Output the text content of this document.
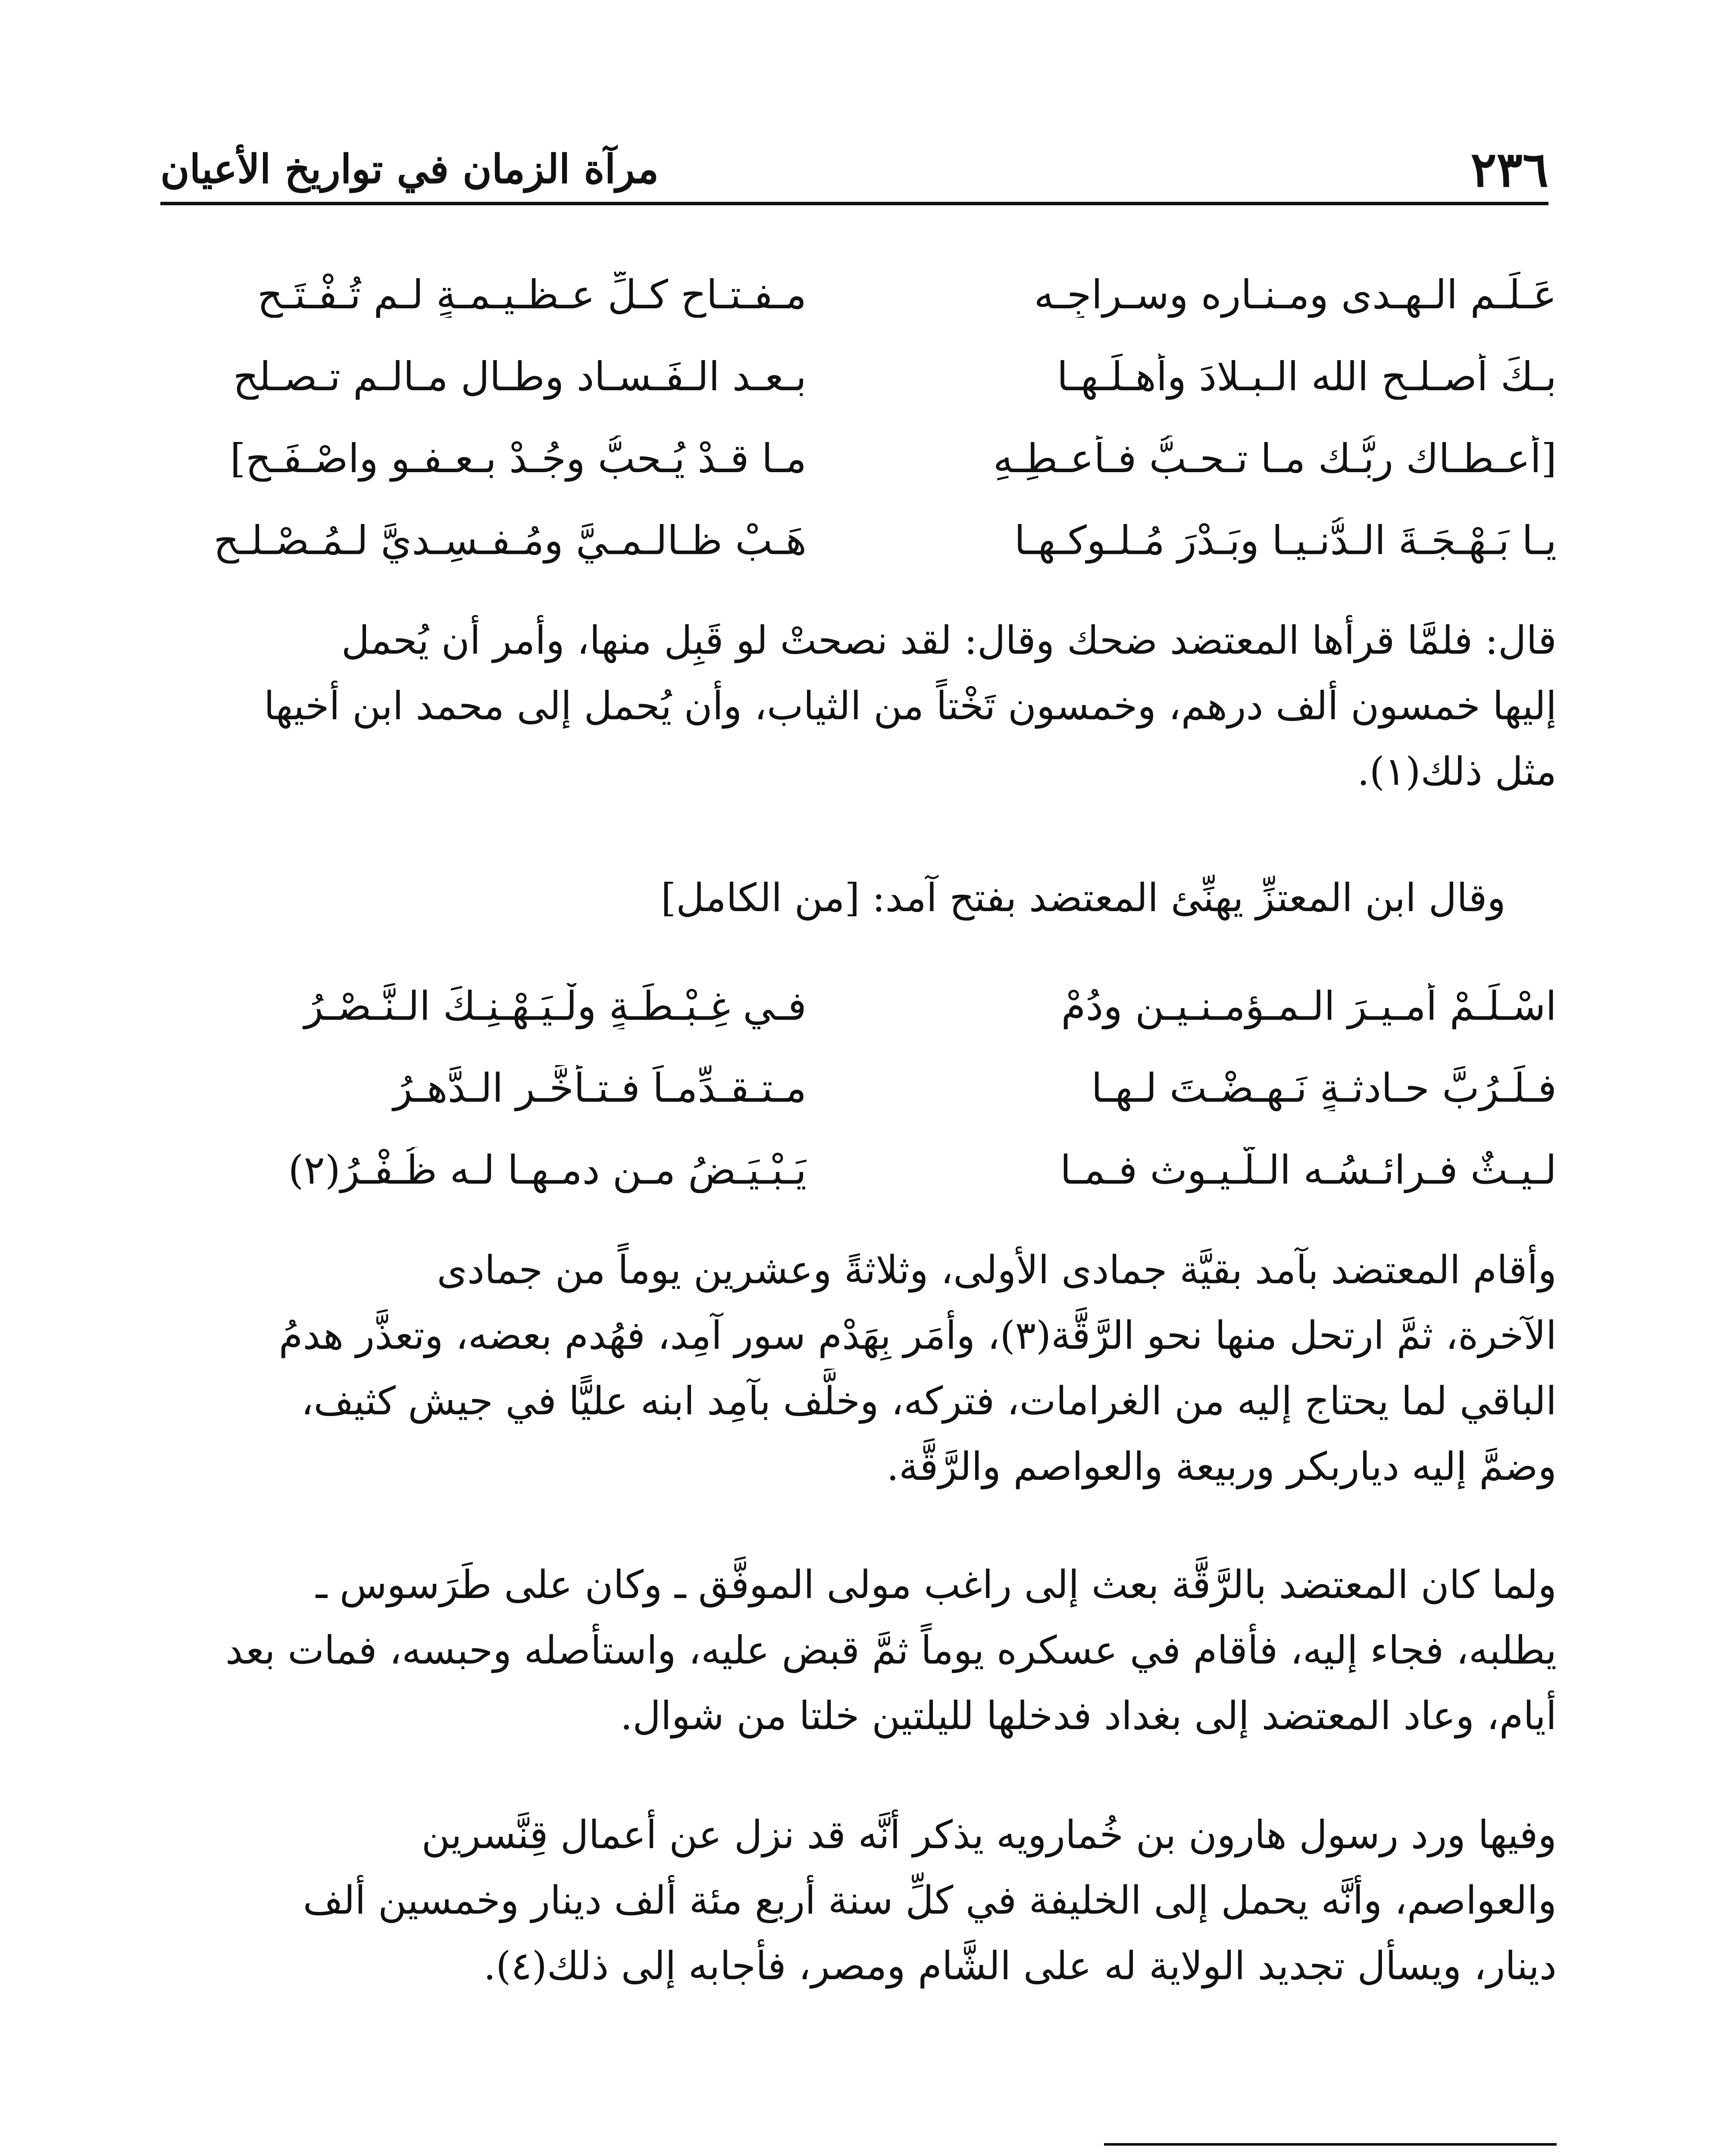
٢٣٦
مرآة الزمان في تواريخ الأعيان
عَـلَـمِ الـهـدى ومـنـارِه وسـراجِـه
مـفـتـاحِ كـلِّ عـظـيـمـةٍ لـم تُـفْـتَـحِ
بـكَ أصـلـح الله الـبـلادَ وأهـلَـهـا
بـعـد الـفَـسـاد وطـال مـالـم تـصـلحِ
[أعـطـاك ربُّـك مـا تـحـبُّ فـأعـطِـهِ
مـا قـدْ يُـحبُّ وجُـدْ بـعـفـوٍ واصْـفَـحِ]
يـا بَـهْـجَـةَ الـدُّنـيـا وبَـدْرَ مُـلـوكـهـا
هَـبْ ظـالـمـيَّ ومُـفـسِـديَّ لـمُـصْـلـحِ
قال: فلمَّا قرأها المعتضد ضحك وقال: لقد نصحتْ لو قَبِل منها، وأمر أن يُحمل
إليها خمسون ألف درهم، وخمسون تَخْتاً من الثياب، وأن يُحمل إلى محمد ابن أخيها
مثل ذلك(١).
وقال ابن المعتزِّ يهنِّئ المعتضد بفتح آمد: [من الكامل]
اسْـلَـمْ أمـيـرَ الـمـؤمـنـيـن ودُمْ
فـي غِـبْـطَـةٍ ولْـيَـهْـنِـكَ الـنَّـصْـرُ
فـلَـرُبَّ حـادثـةٍ نَـهـضْـتَ لـهـا
مـتـقـدِّمـاً فـتـأخَّـر الـدَّهـرُ
لـيـثٌ فـرائـسُـه الـلُّـيـوث فـمـا
يَـبْـيَـضُ مـن دمـهـا لـه ظُـفْـرُ(٢)
وأقام المعتضد بآمد بقيَّة جمادى الأولى، وثلاثةً وعشرين يوماً من جمادى
الآخرة، ثمَّ ارتحل منها نحو الرَّقَّة(٣)، وأمَر بِهَدْم سور آمِد، فهُدم بعضه، وتعذَّر هدمُ
الباقي لما يحتاج إليه من الغرامات، فتركه، وخلَّف بآمِد ابنه عليًّا في جيش كثيف،
وضمَّ إليه دياربكر وربيعة والعواصم والرَّقَّة.
ولما كان المعتضد بالرَّقَّة بعث إلى راغب مولى الموفَّق ـ وكان على طَرَسوس ـ
يطلبه، فجاء إليه، فأقام في عسكره يوماً ثمَّ قبض عليه، واستأصله وحبسه، فمات بعد
أيام، وعاد المعتضد إلى بغداد فدخلها لليلتين خلتا من شوال.
وفيها ورد رسول هارون بن خُمارويه يذكر أنَّه قد نزل عن أعمال قِنَّسرين
والعواصم، وأنَّه يحمل إلى الخليفة في كلِّ سنة أربع مئة ألف دينار وخمسين ألف
دينار، ويسأل تجديد الولاية له على الشَّام ومصر، فأجابه إلى ذلك(٤).
